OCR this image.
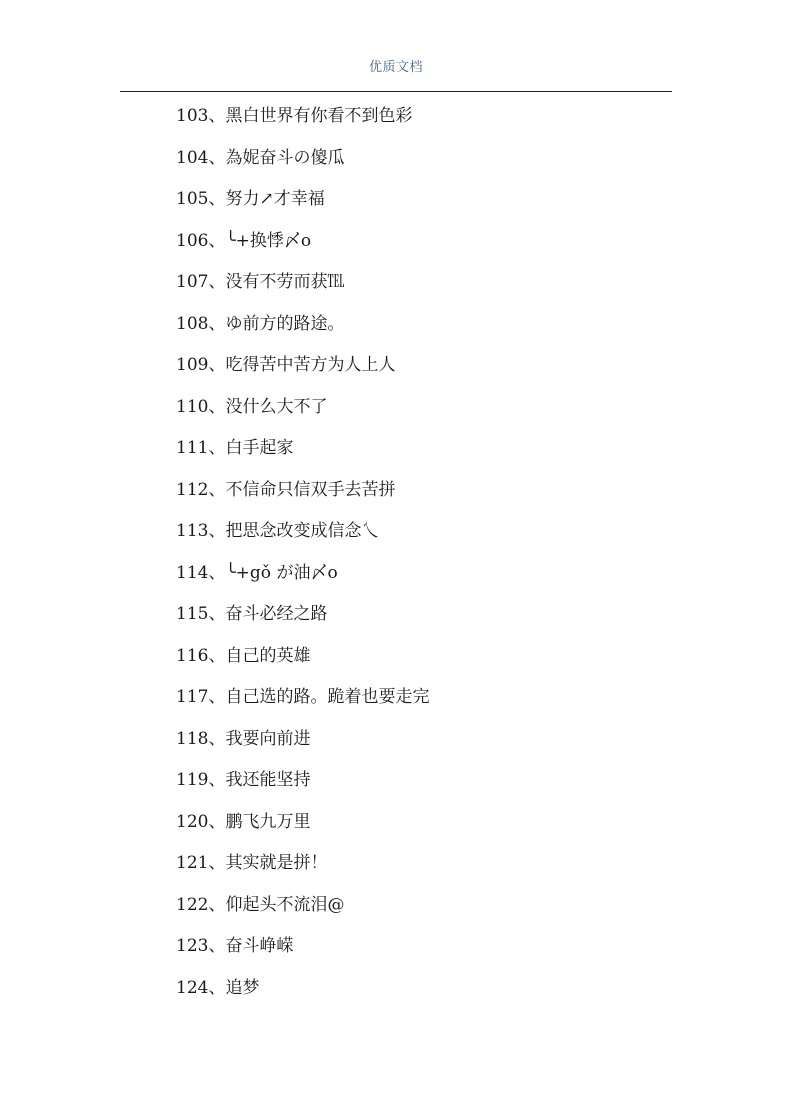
优质文档
103、黑白世界有你看不到色彩
104、為妮奋斗の傻瓜
105、努力↗才幸福
106、╰+换悸〆ο
107、没有不劳而获℡
108、ゆ前方的路途。
109、吃得苦中苦方为人上人
110、没什么大不了
111、白手起家
112、不信命只信双手去苦拼
113、把思念改变成信念乀
114、╰+gǒ が油〆ο
115、奋斗必经之路
116、自己的英雄
117、自己选的路。跪着也要走完
118、我要向前进
119、我还能坚持
120、鹏飞九万里
121、其实就是拼！
122、仰起头不流泪@
123、奋斗峥嵘
124、追梦
